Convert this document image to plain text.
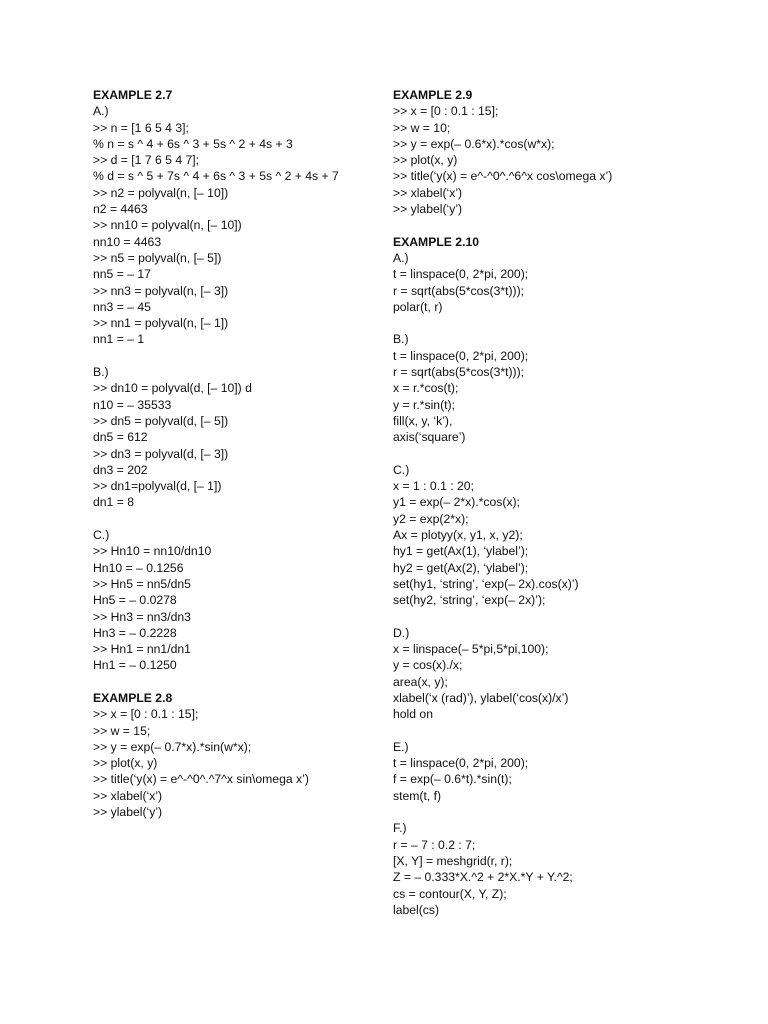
EXAMPLE 2.7
A.)
>> n = [1 6 5 4 3];
% n = s ^ 4 + 6s ^ 3 + 5s ^ 2 + 4s + 3
>> d = [1 7 6 5 4 7];
% d = s ^ 5 + 7s ^ 4 + 6s ^ 3 + 5s ^ 2 + 4s + 7
>> n2 = polyval(n, [– 10])
n2 = 4463
>> nn10 = polyval(n, [– 10])
nn10 = 4463
>> n5 = polyval(n, [– 5])
nn5 = – 17
>> nn3 = polyval(n, [– 3])
nn3 = – 45
>> nn1 = polyval(n, [– 1])
nn1 = – 1
B.)
>> dn10 = polyval(d, [– 10]) d
n10 = – 35533
>> dn5 = polyval(d, [– 5])
dn5 = 612
>> dn3 = polyval(d, [– 3])
dn3 = 202
>> dn1=polyval(d, [– 1])
dn1 = 8
C.)
>> Hn10 = nn10/dn10
Hn10 = – 0.1256
>> Hn5 = nn5/dn5
Hn5 = – 0.0278
>> Hn3 = nn3/dn3
Hn3 = – 0.2228
>> Hn1 = nn1/dn1
Hn1 = – 0.1250
EXAMPLE 2.8
>> x = [0 : 0.1 : 15];
>> w = 15;
>> y = exp(– 0.7*x).*sin(w*x);
>> plot(x, y)
>> title(‘y(x) = e^-^0^.^7^x sin\omega x’)
>> xlabel(‘x’)
>> ylabel(‘y’)
EXAMPLE 2.9
>> x = [0 : 0.1 : 15];
>> w = 10;
>> y = exp(– 0.6*x).*cos(w*x);
>> plot(x, y)
>> title(‘y(x) = e^-^0^.^6^x cos\omega x’)
>> xlabel(‘x’)
>> ylabel(‘y’)
EXAMPLE 2.10
A.)
t = linspace(0, 2*pi, 200);
r = sqrt(abs(5*cos(3*t)));
polar(t, r)
B.)
t = linspace(0, 2*pi, 200);
r = sqrt(abs(5*cos(3*t)));
x = r.*cos(t);
y = r.*sin(t);
fill(x, y, ‘k’),
axis(‘square’)
C.)
x = 1 : 0.1 : 20;
y1 = exp(– 2*x).*cos(x);
y2 = exp(2*x);
Ax = plotyy(x, y1, x, y2);
hy1 = get(Ax(1), ‘ylabel’);
hy2 = get(Ax(2), ‘ylabel’);
set(hy1, ‘string’, ‘exp(– 2x).cos(x)’)
set(hy2, ‘string’, ‘exp(– 2x)’);
D.)
x = linspace(– 5*pi,5*pi,100);
y = cos(x)./x;
area(x, y);
xlabel(‘x (rad)’), ylabel(‘cos(x)/x’)
hold on
E.)
t = linspace(0, 2*pi, 200);
f = exp(– 0.6*t).*sin(t);
stem(t, f)
F.)
r = – 7 : 0.2 : 7;
[X, Y] = meshgrid(r, r);
Z = – 0.333*X.^2 + 2*X.*Y + Y.^2;
cs = contour(X, Y, Z);
label(cs)
